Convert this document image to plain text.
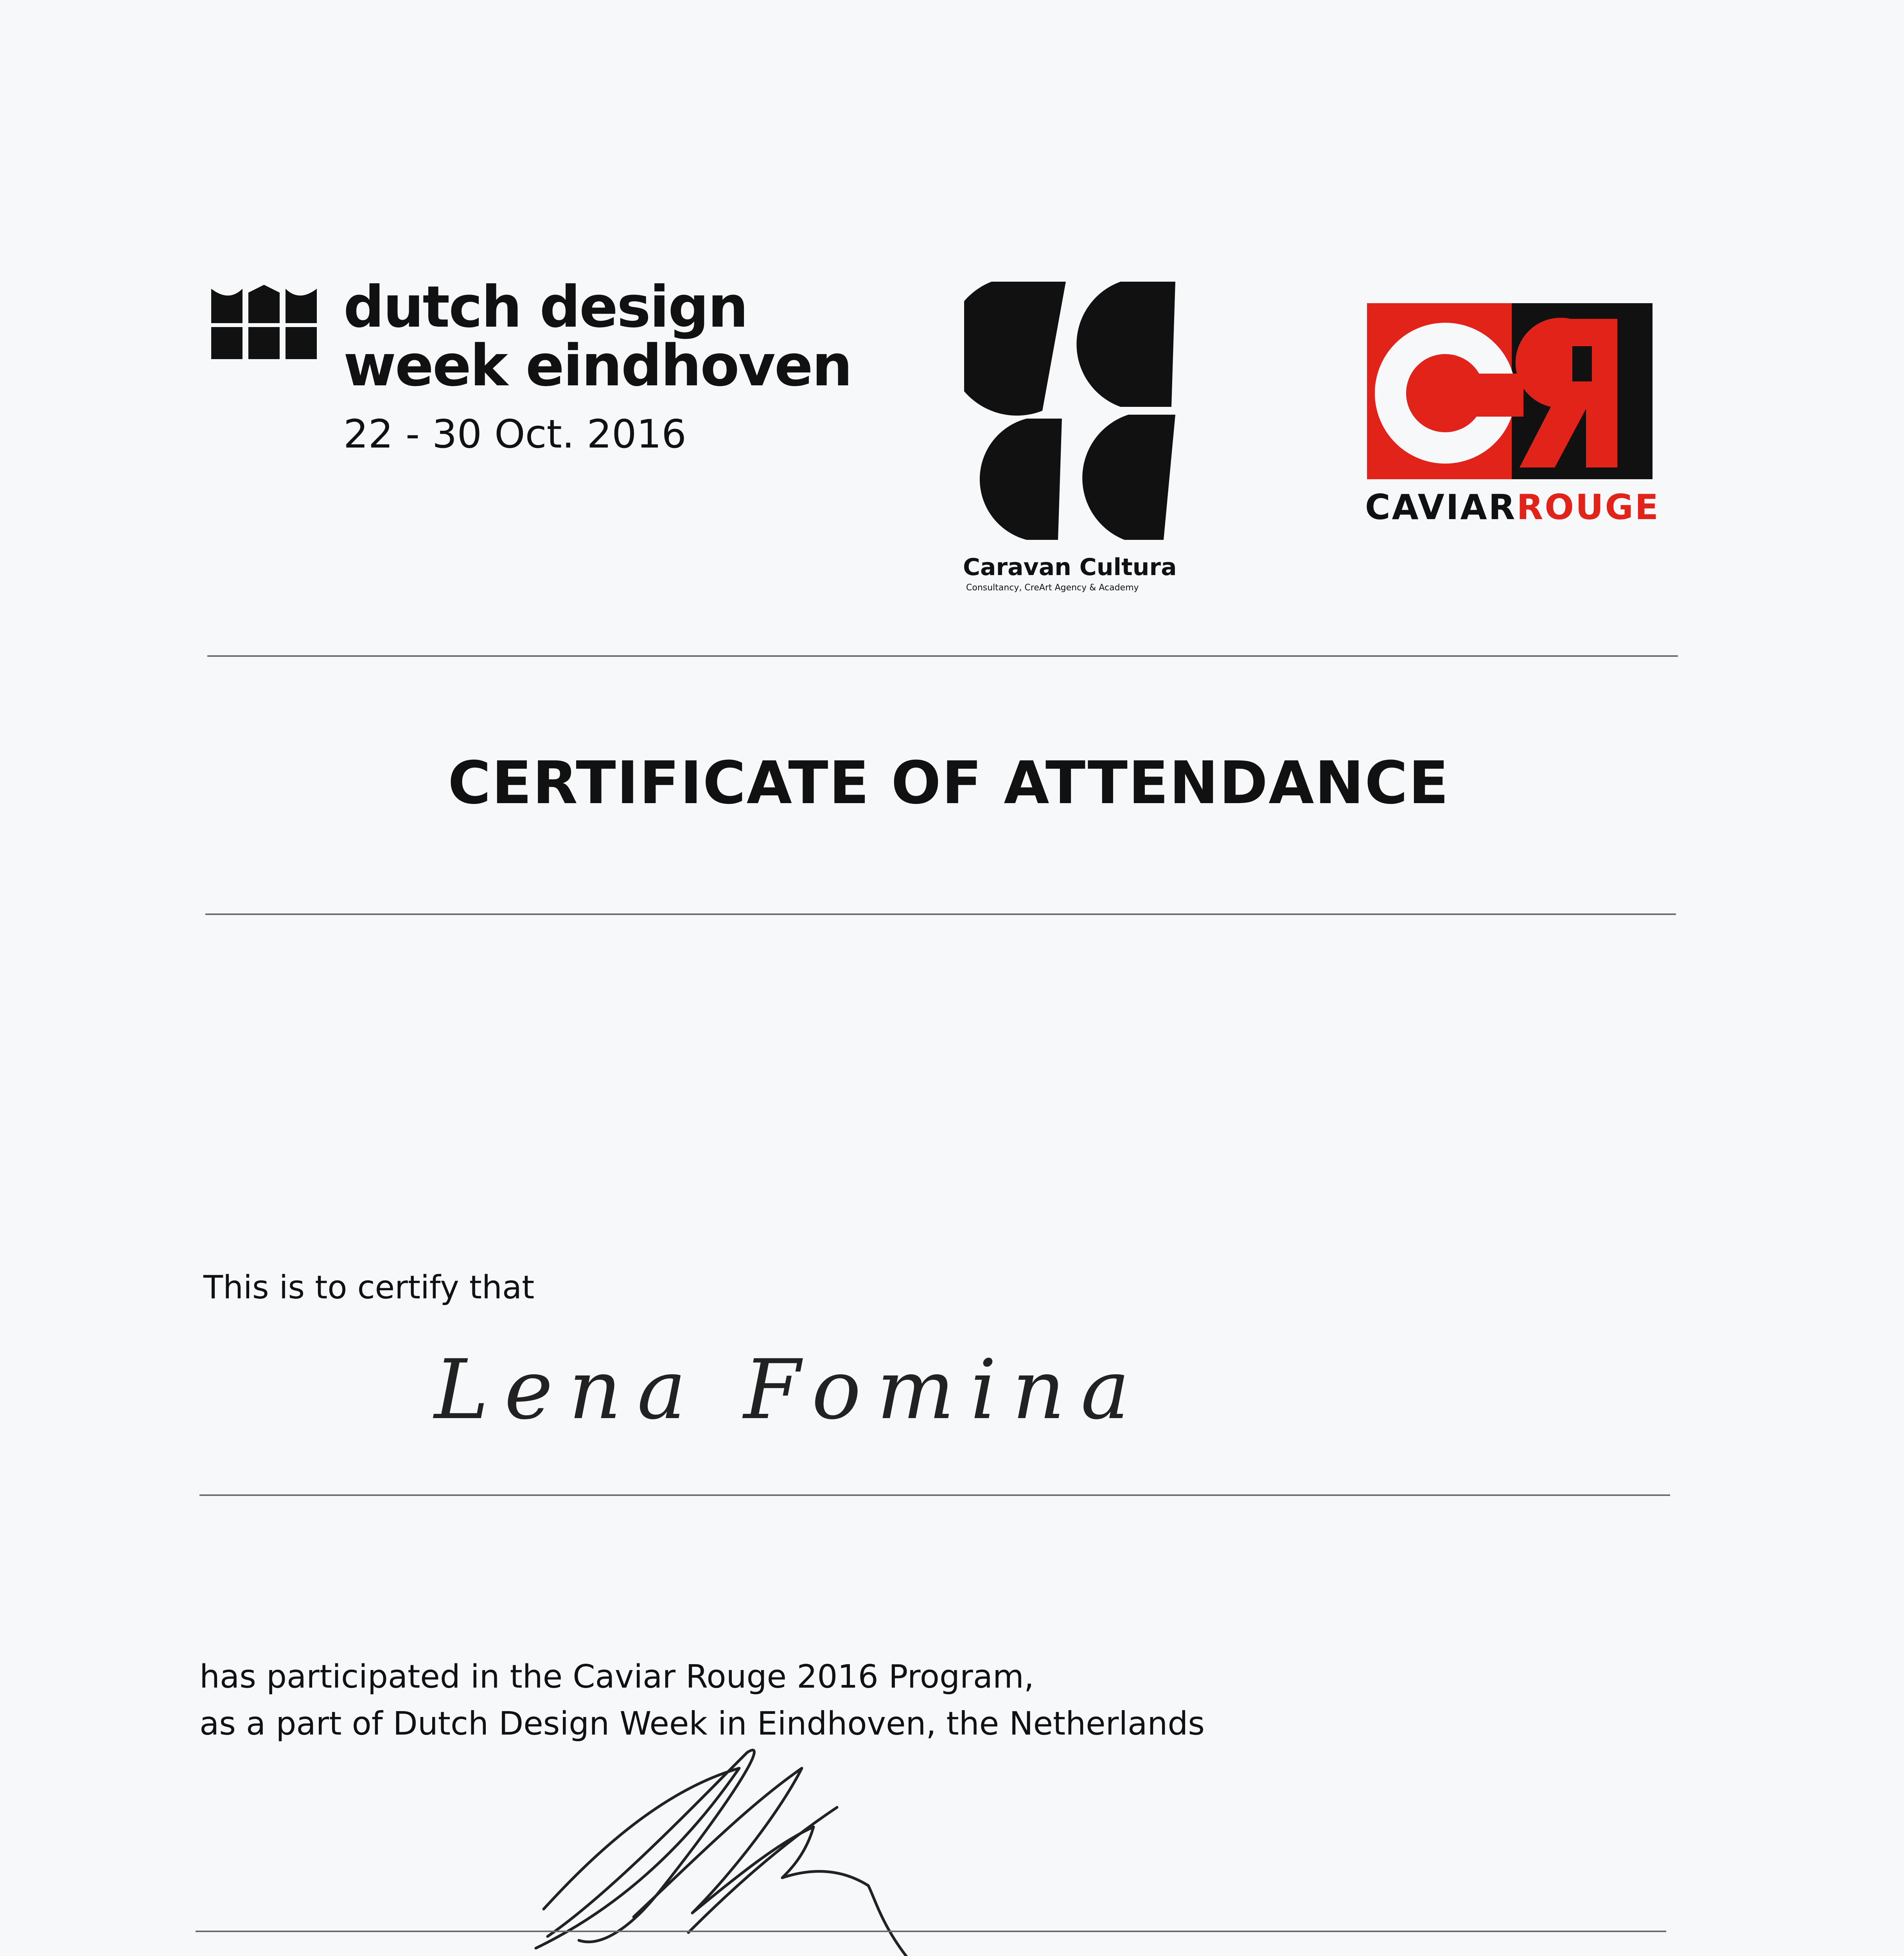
dutch design
week eindhoven
22 - 30 Oct. 2016
Caravan Cultura
Consultancy, CreArt Agency & Academy
CAVIARROUGE
CERTIFICATE OF ATTENDANCE
This is to certify that
Lena Fomina
has participated in the Caviar Rouge 2016 Program,
as a part of Dutch Design Week in Eindhoven, the Netherlands
